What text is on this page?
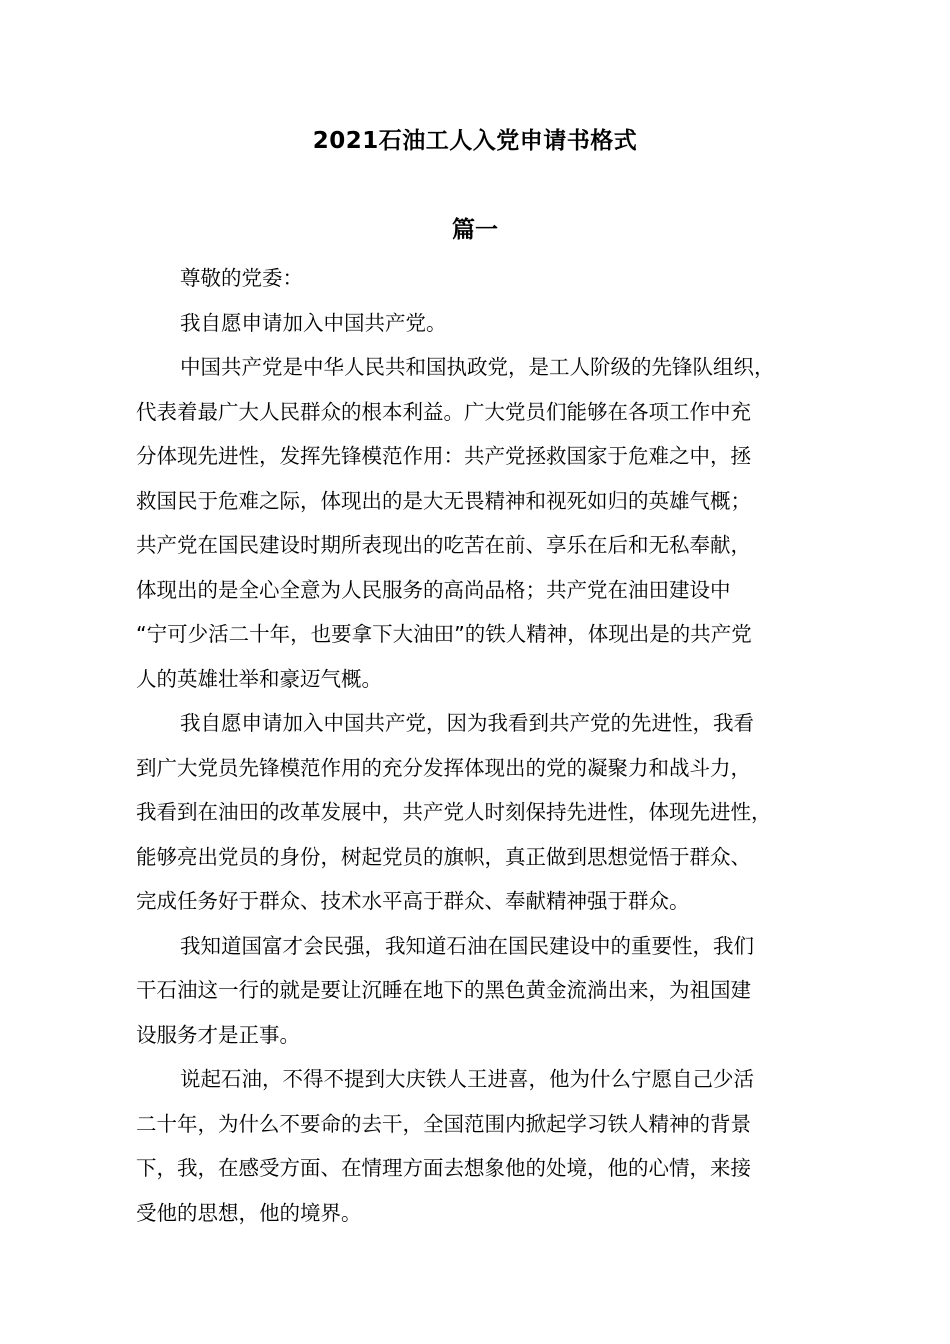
2021石油工人入党申请书格式
篇一

尊敬的党委：

我自愿申请加入中国共产党。

中国共产党是中华人民共和国执政党，是工人阶级的先锋队组织，
代表着最广大人民群众的根本利益。广大党员们能够在各项工作中充
分体现先进性，发挥先锋模范作用：共产党拯救国家于危难之中，拯
救国民于危难之际，体现出的是大无畏精神和视死如归的英雄气概；
共产党在国民建设时期所表现出的吃苦在前、享乐在后和无私奉献，
体现出的是全心全意为人民服务的高尚品格；共产党在油田建设中
“宁可少活二十年，也要拿下大油田”的铁人精神，体现出是的共产党
人的英雄壮举和豪迈气概。

我自愿申请加入中国共产党，因为我看到共产党的先进性，我看
到广大党员先锋模范作用的充分发挥体现出的党的凝聚力和战斗力，
我看到在油田的改革发展中，共产党人时刻保持先进性，体现先进性，
能够亮出党员的身份，树起党员的旗帜，真正做到思想觉悟于群众、
完成任务好于群众、技术水平高于群众、奉献精神强于群众。

我知道国富才会民强，我知道石油在国民建设中的重要性，我们
干石油这一行的就是要让沉睡在地下的黑色黄金流淌出来，为祖国建
设服务才是正事。

说起石油，不得不提到大庆铁人王进喜，他为什么宁愿自己少活
二十年，为什么不要命的去干，全国范围内掀起学习铁人精神的背景
下，我，在感受方面、在情理方面去想象他的处境，他的心情，来接
受他的思想，他的境界。
